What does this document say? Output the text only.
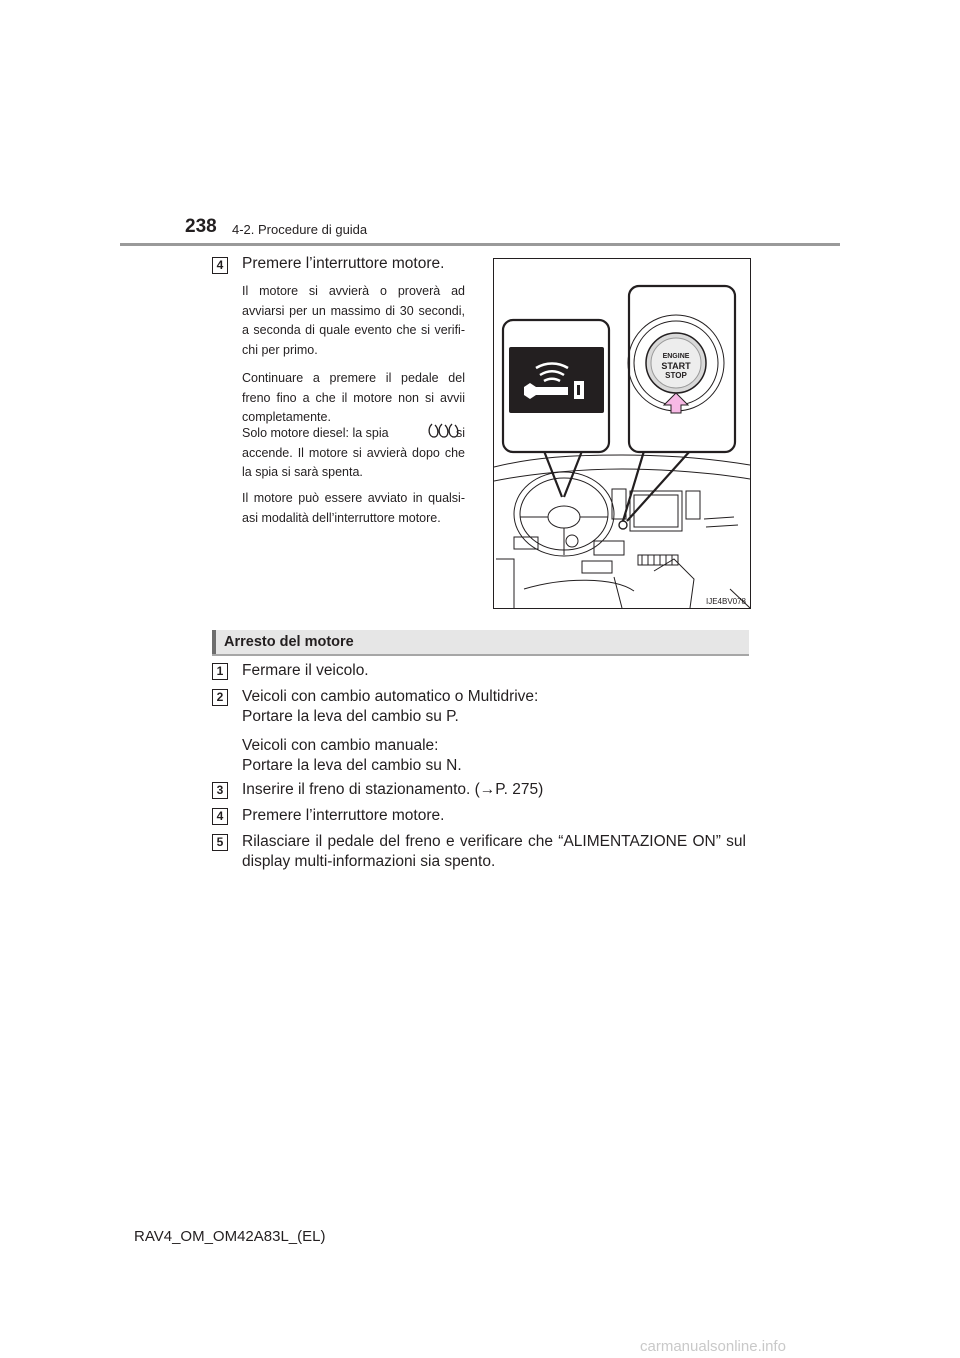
238 4-2. Procedure di guida
4	Premere l’interruttore motore.
Il motore si avvierà o proverà ad
avviarsi per un massimo di 30 secondi,
a seconda di quale evento che si verifi-
chi per primo.
Continuare a premere il pedale del
freno fino a che il motore non si avvii
completamente.
Solo motore diesel: la spia	si
accende. Il motore si avvierà dopo che
la spia si sarà spenta.
Il motore può essere avviato in qualsi-
asi modalità dell’interruttore motore.
ENGINE
START
STOP
IJE4BV078
Arresto del motore
1	Fermare il veicolo.
2	Veicoli con cambio automatico o Multidrive:
Portare la leva del cambio su P.
Veicoli con cambio manuale:
Portare la leva del cambio su N.
3	Inserire il freno di stazionamento. (→P. 275)
4	Premere l’interruttore motore.
5	Rilasciare il pedale del freno e verificare che “ALIMENTAZIONE ON” sul
display multi-informazioni sia spento.
RAV4_OM_OM42A83L_(EL)
carmanualsonline.info
